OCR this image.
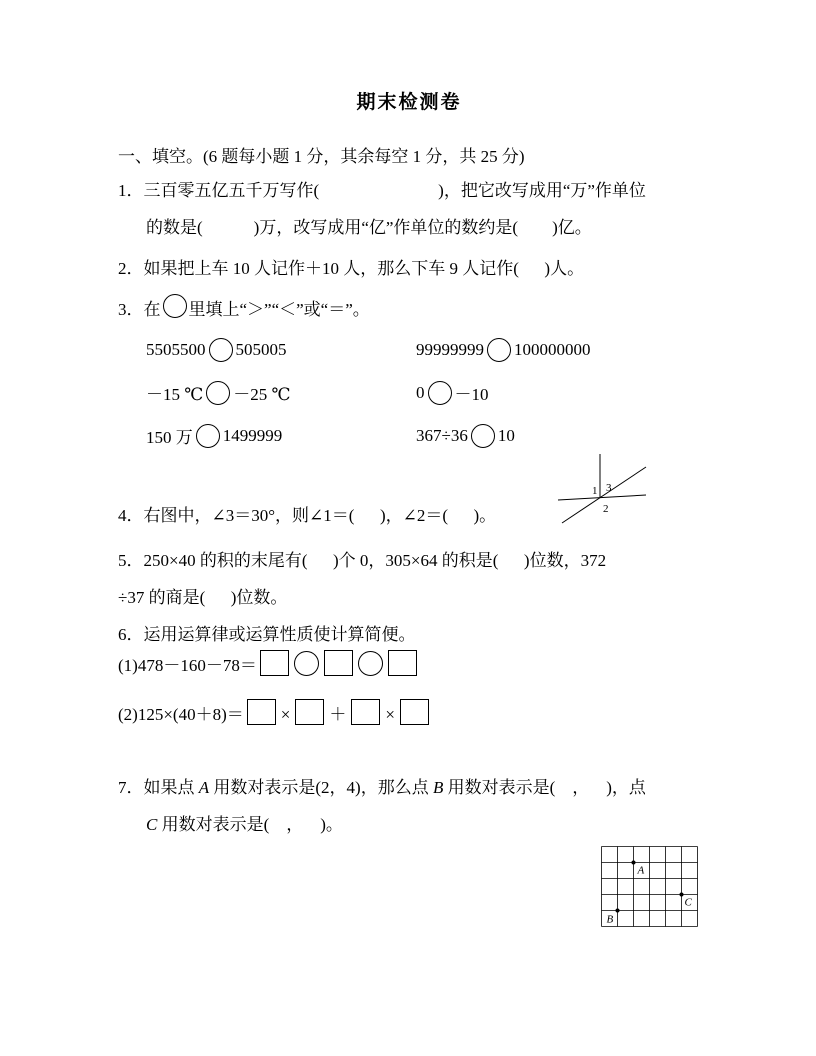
期末检测卷
一、填空。(6 题每小题 1 分，其余每空 1 分，共 25 分)
1．三百零五亿五千万写作(                            )，把它改写成用“万”作单位
的数是(            )万，改写成用“亿”作单位的数约是(        )亿。
2．如果把上车 10 人记作＋10 人，那么下车 9 人记作(      )人。
3．在 里填上“＞”“＜”或“＝”。
5505500 505005	99999999 100000000
－15 ℃ －25 ℃	0 －10
150 万 1499999	367÷36 10
4．右图中，∠3＝30°，则∠1＝(      )，∠2＝(      )。
1 3
2
5．250×40 的积的末尾有(      )个 0，305×64 的积是(      )位数，372
÷37 的商是(      )位数。
6．运用运算律或运算性质使计算简便。
(1)478－160－78＝
(2)125×(40＋8)＝ × ＋ ×
7．如果点 A 用数对表示是(2，4)，那么点 B 用数对表示是(    ，    )，点
C 用数对表示是(    ，    )。
A
B
C
